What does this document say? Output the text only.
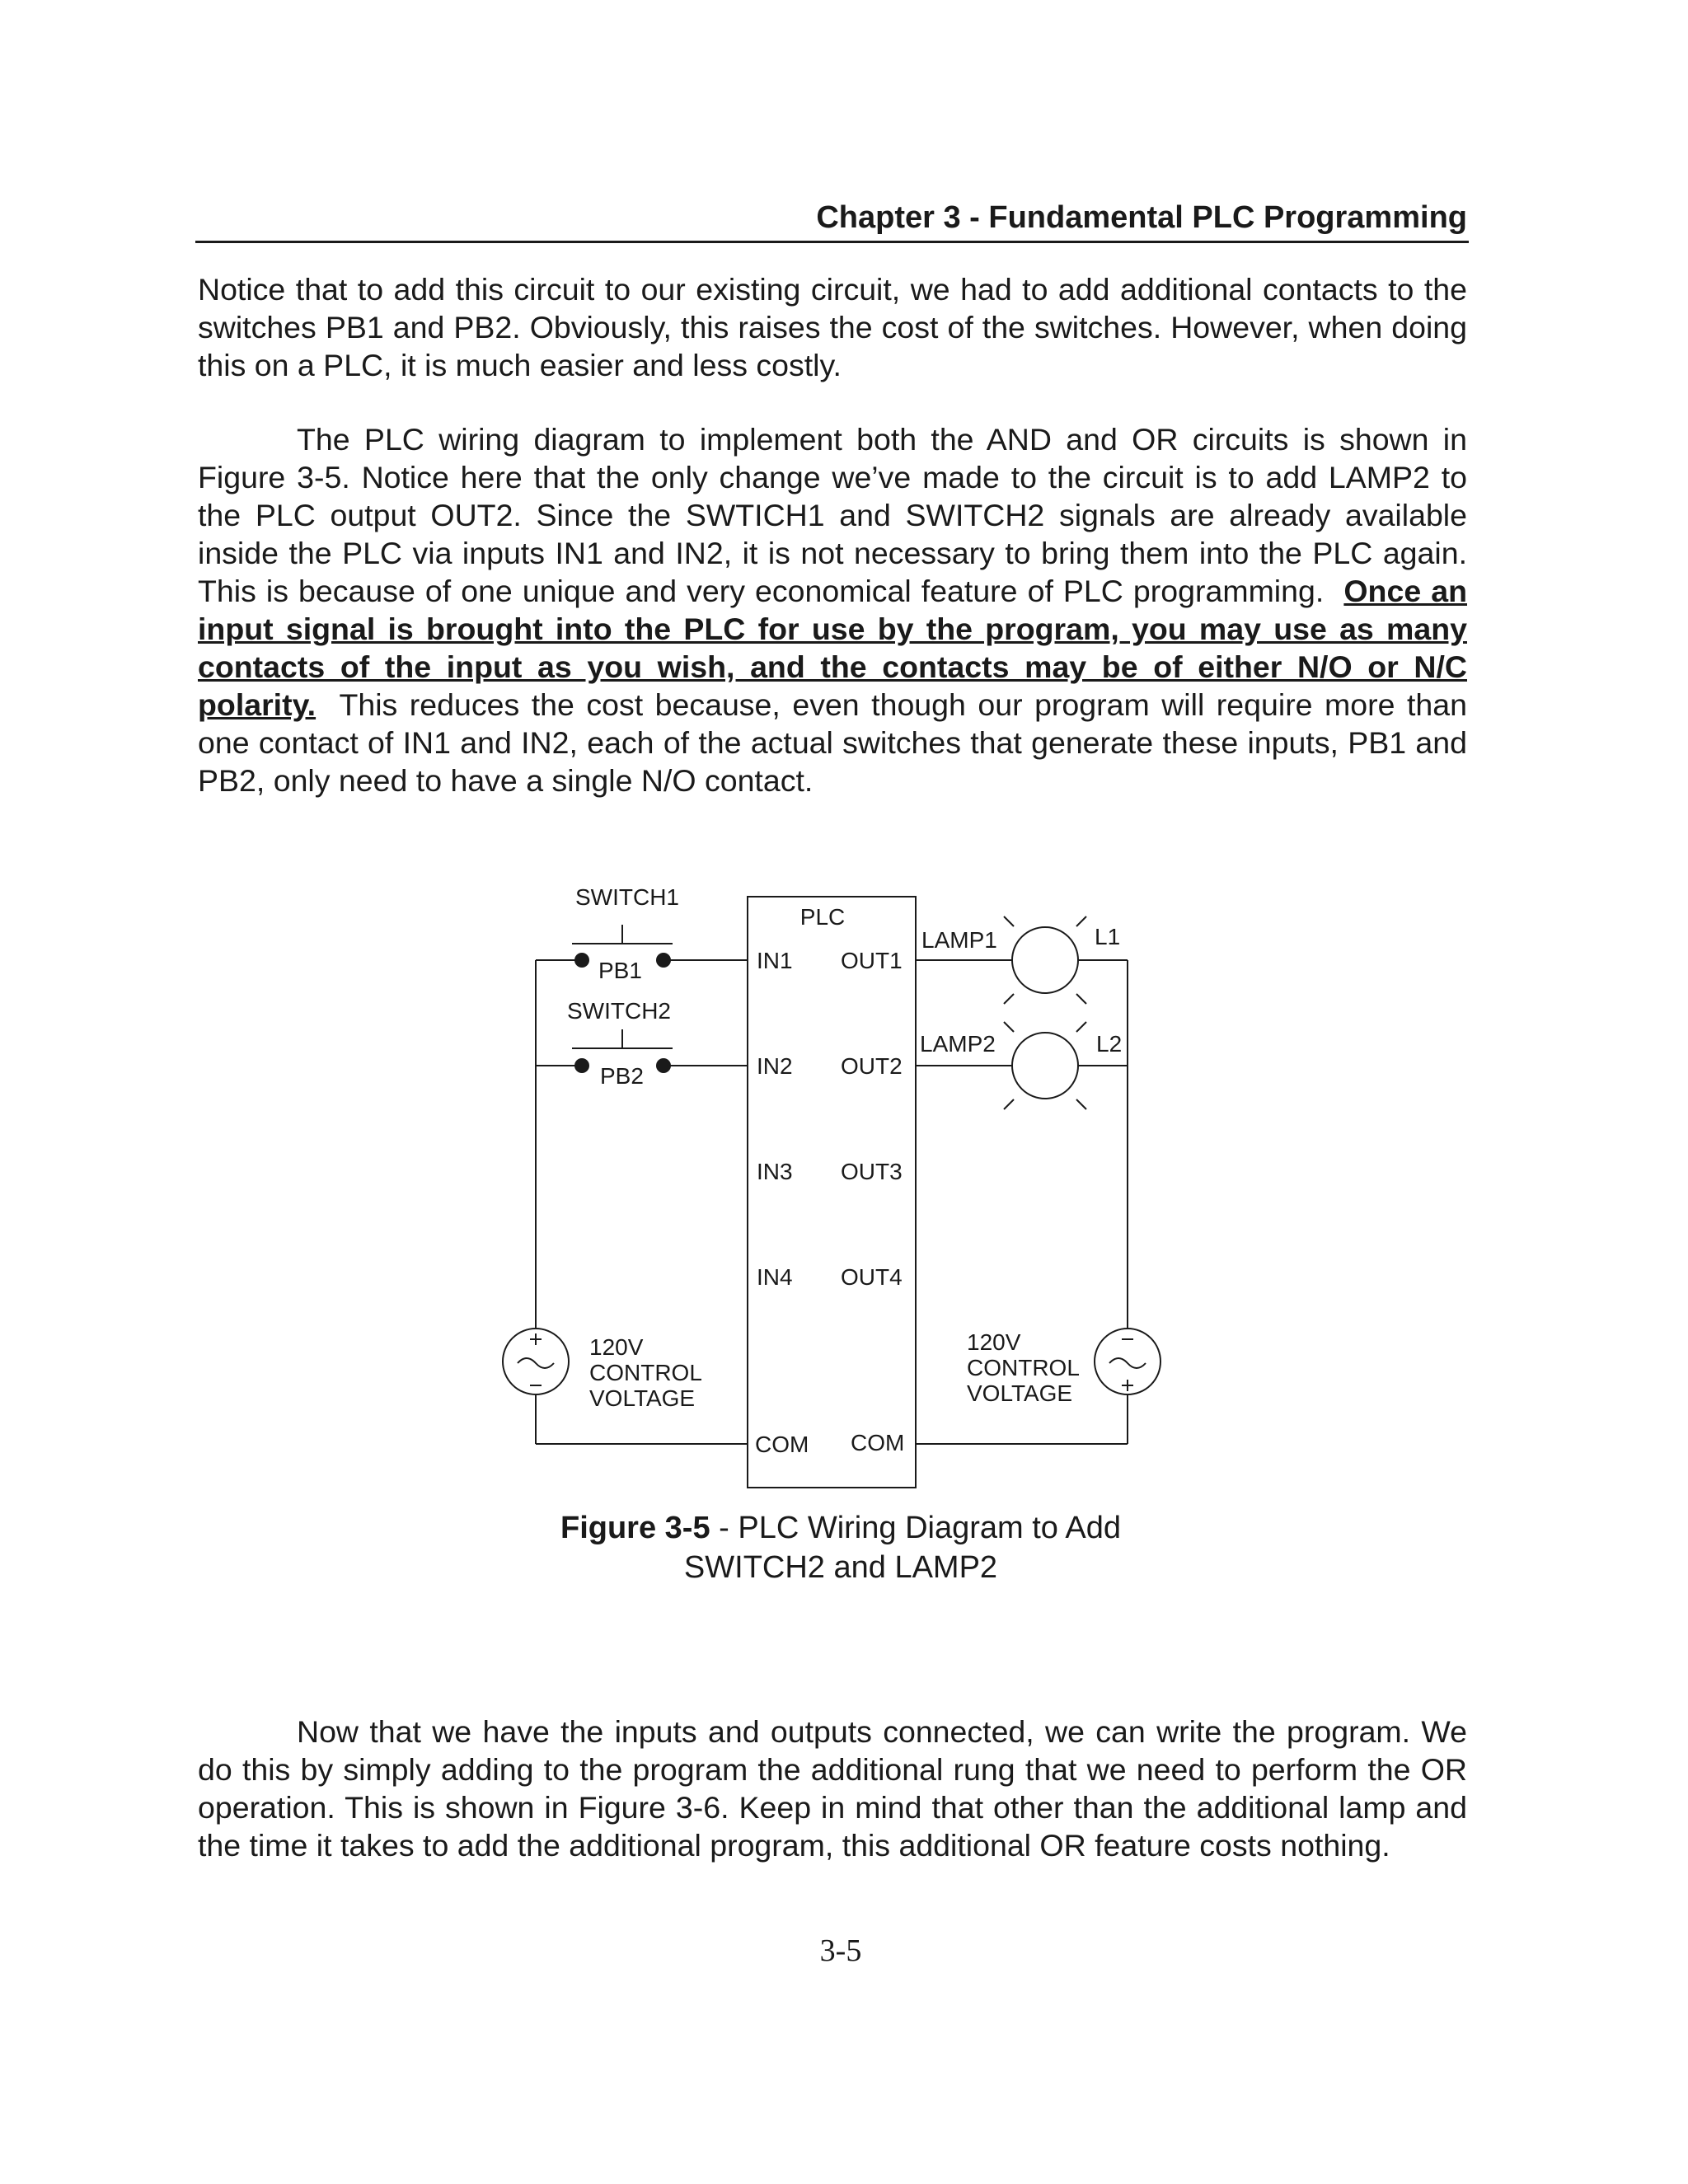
Chapter 3 - Fundamental PLC Programming

Notice that to add this circuit to our existing circuit, we had to add additional contacts to the switches PB1 and PB2. Obviously, this raises the cost of the switches. However, when doing this on a PLC, it is much easier and less costly.

The PLC wiring diagram to implement both the AND and OR circuits is shown in Figure 3-5. Notice here that the only change we’ve made to the circuit is to add LAMP2 to the PLC output OUT2. Since the SWTICH1 and SWITCH2 signals are already available inside the PLC via inputs IN1 and IN2, it is not necessary to bring them into the PLC again. This is because of one unique and very economical feature of PLC programming. Once an input signal is brought into the PLC for use by the program, you may use as many contacts of the input as you wish, and the contacts may be of either N/O or N/C polarity. This reduces the cost because, even though our program will require more than one contact of IN1 and IN2, each of the actual switches that generate these inputs, PB1 and PB2, only need to have a single N/O contact.

PLC
IN1
IN2
IN3
IN4
OUT1
OUT2
OUT3
OUT4
COM COM
SWITCH1
PB1
SWITCH2
PB2
LAMP1	L1
LAMP2	L2
120V
CONTROL
VOLTAGE
120V
CONTROL
VOLTAGE
Figure 3-5 - PLC Wiring Diagram to Add
SWITCH2 and LAMP2

Now that we have the inputs and outputs connected, we can write the program. We do this by simply adding to the program the additional rung that we need to perform the OR operation. This is shown in Figure 3-6. Keep in mind that other than the additional lamp and the time it takes to add the additional program, this additional OR feature costs nothing.

3-5
